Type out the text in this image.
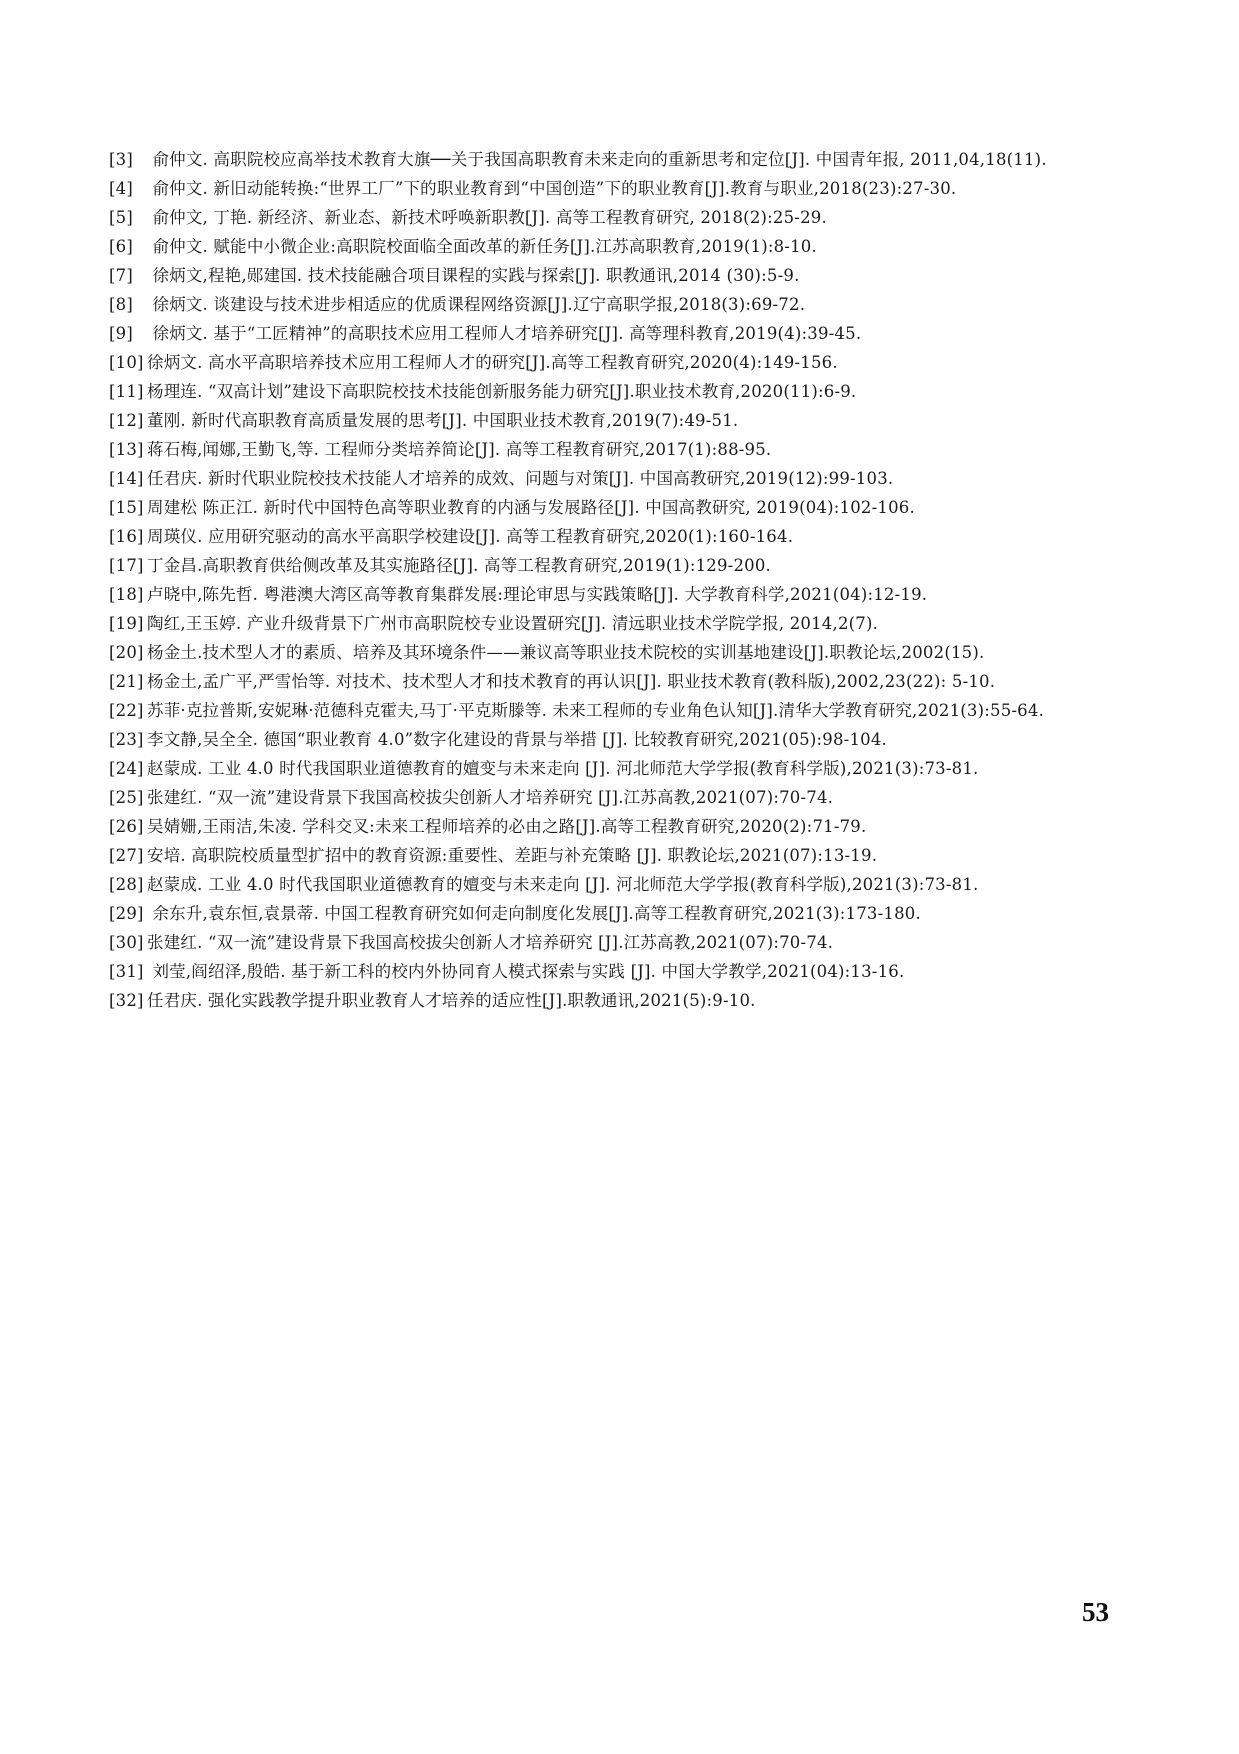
[3] 俞仲文. 高职院校应高举技术教育大旗──关于我国高职教育未来走向的重新思考和定位[J]. 中国青年报, 2011,04,18(11).
[4] 俞仲文. 新旧动能转换:“世界工厂”下的职业教育到“中国创造”下的职业教育[J].教育与职业,2018(23):27-30.
[5] 俞仲文, 丁艳. 新经济、新业态、新技术呼唤新职教[J]. 高等工程教育研究, 2018(2):25-29.
[6] 俞仲文. 赋能中小微企业:高职院校面临全面改革的新任务[J].江苏高职教育,2019(1):8-10.
[7] 徐炳文,程艳,郧建国. 技术技能融合项目课程的实践与探索[J]. 职教通讯,2014 (30):5-9.
[8] 徐炳文. 谈建设与技术进步相适应的优质课程网络资源[J].辽宁高职学报,2018(3):69-72.
[9] 徐炳文. 基于“工匠精神”的高职技术应用工程师人才培养研究[J]. 高等理科教育,2019(4):39-45.
[10] 徐炳文. 高水平高职培养技术应用工程师人才的研究[J].高等工程教育研究,2020(4):149-156.
[11] 杨理连. “双高计划”建设下高职院校技术技能创新服务能力研究[J].职业技术教育,2020(11):6-9.
[12] 董刚. 新时代高职教育高质量发展的思考[J]. 中国职业技术教育,2019(7):49-51.
[13] 蒋石梅,闻娜,王勤飞,等. 工程师分类培养简论[J]. 高等工程教育研究,2017(1):88-95.
[14] 任君庆. 新时代职业院校技术技能人才培养的成效、问题与对策[J]. 中国高教研究,2019(12):99-103.
[15] 周建松 陈正江. 新时代中国特色高等职业教育的内涵与发展路径[J]. 中国高教研究, 2019(04):102-106.
[16] 周瑛仪. 应用研究驱动的高水平高职学校建设[J]. 高等工程教育研究,2020(1):160-164.
[17] 丁金昌.高职教育供给侧改革及其实施路径[J]. 高等工程教育研究,2019(1):129-200.
[18] 卢晓中,陈先哲. 粤港澳大湾区高等教育集群发展:理论审思与实践策略[J]. 大学教育科学,2021(04):12-19.
[19] 陶红,王玉婷. 产业升级背景下广州市高职院校专业设置研究[J]. 清远职业技术学院学报, 2014,2(7).
[20] 杨金土.技术型人才的素质、培养及其环境条件——兼议高等职业技术院校的实训基地建设[J].职教论坛,2002(15).
[21] 杨金土,孟广平,严雪怡等. 对技术、技术型人才和技术教育的再认识[J]. 职业技术教育(教科版),2002,23(22): 5-10.
[22] 苏菲·克拉普斯,安妮琳·范德科克霍夫,马丁·平克斯滕等. 未来工程师的专业角色认知[J].清华大学教育研究,2021(3):55-64.
[23] 李文静,吴全全. 德国“职业教育 4.0”数字化建设的背景与举措 [J]. 比较教育研究,2021(05):98-104.
[24] 赵蒙成. 工业 4.0 时代我国职业道德教育的嬗变与未来走向 [J]. 河北师范大学学报(教育科学版),2021(3):73-81.
[25] 张建红. “双一流”建设背景下我国高校拔尖创新人才培养研究 [J].江苏高教,2021(07):70-74.
[26] 吴婧姗,王雨洁,朱凌. 学科交叉:未来工程师培养的必由之路[J].高等工程教育研究,2020(2):71-79.
[27] 安培. 高职院校质量型扩招中的教育资源:重要性、差距与补充策略 [J]. 职教论坛,2021(07):13-19.
[28] 赵蒙成. 工业 4.0 时代我国职业道德教育的嬗变与未来走向 [J]. 河北师范大学学报(教育科学版),2021(3):73-81.
[29] 余东升,袁东恒,袁景蒂. 中国工程教育研究如何走向制度化发展[J].高等工程教育研究,2021(3):173-180.
[30] 张建红. “双一流”建设背景下我国高校拔尖创新人才培养研究 [J].江苏高教,2021(07):70-74.
[31] 刘莹,阎绍泽,殷皓. 基于新工科的校内外协同育人模式探索与实践 [J]. 中国大学教学,2021(04):13-16.
[32] 任君庆. 强化实践教学提升职业教育人才培养的适应性[J].职教通讯,2021(5):9-10.
53
